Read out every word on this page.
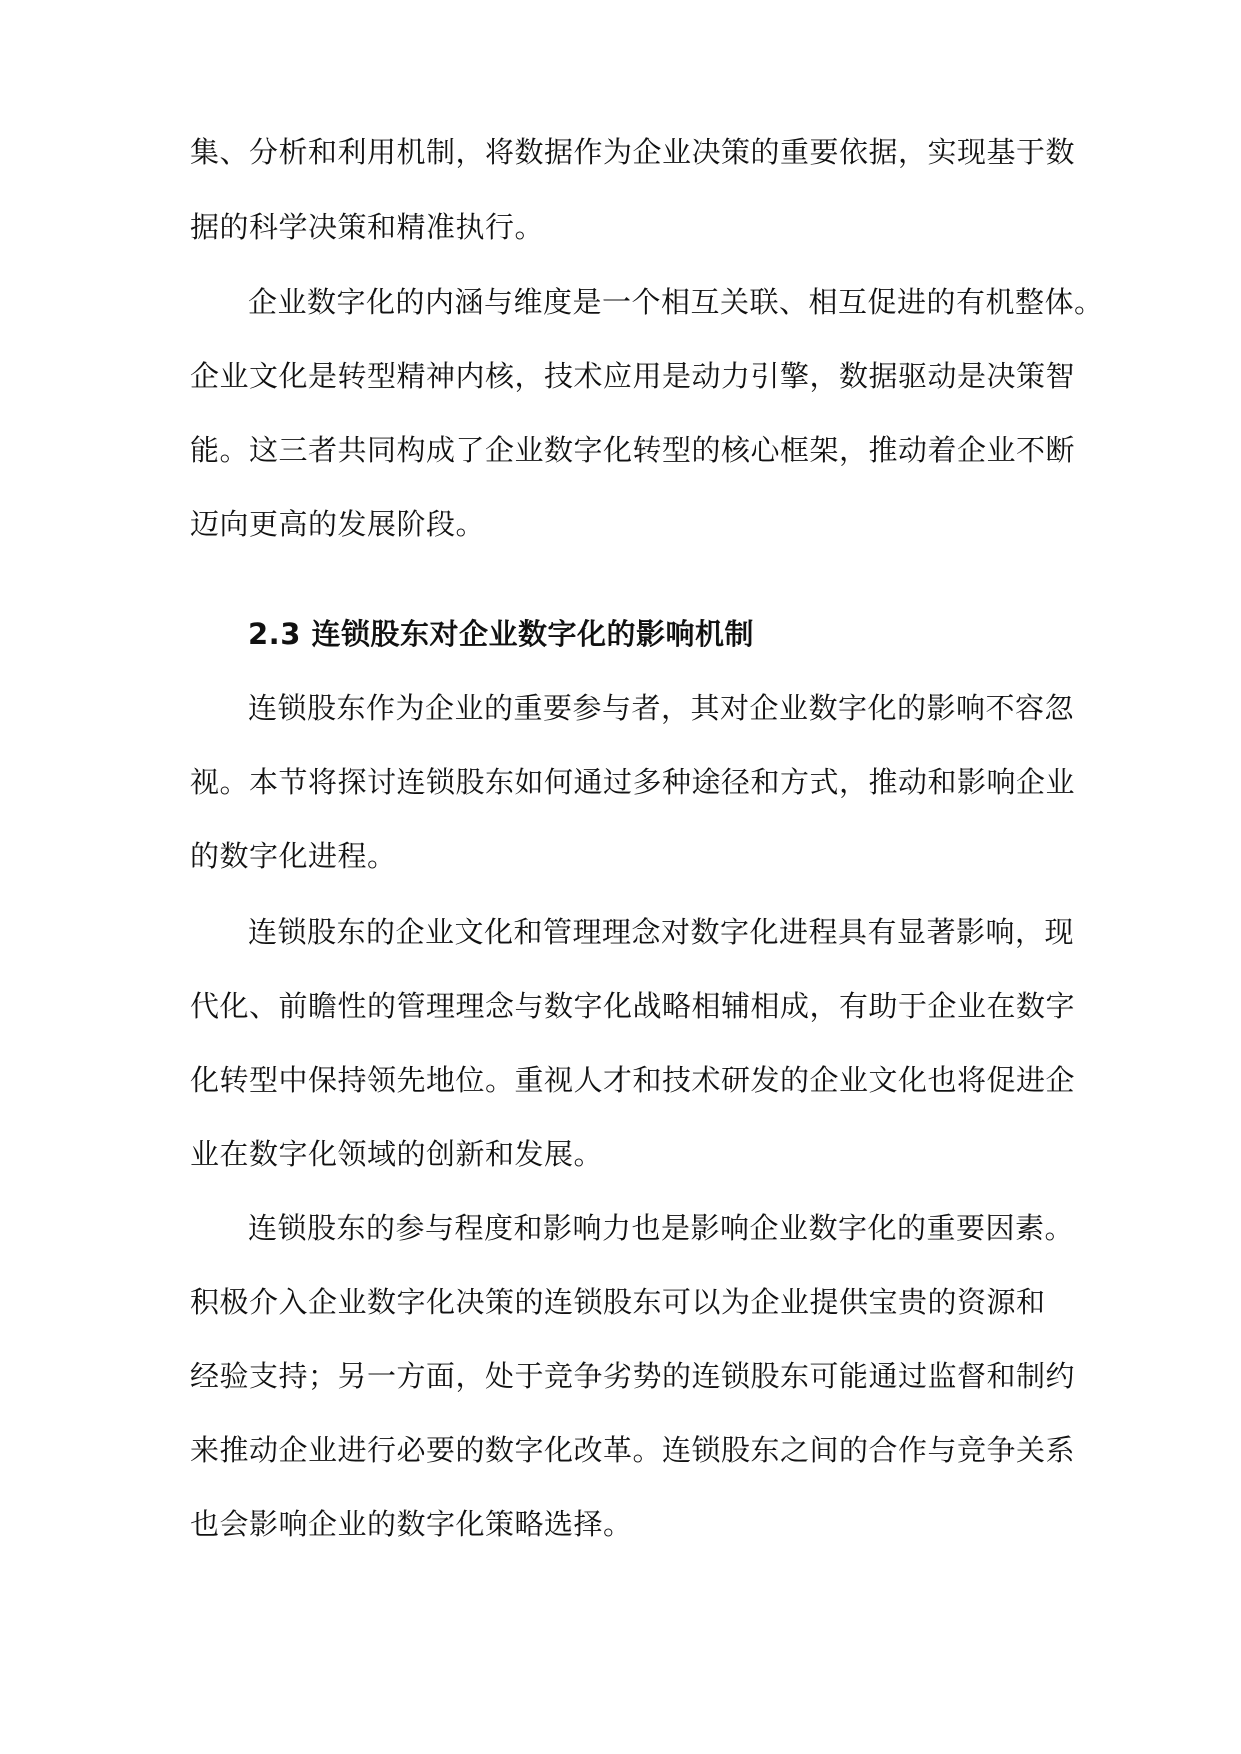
集、分析和利用机制，将数据作为企业决策的重要依据，实现基于数
据的科学决策和精准执行。
企业数字化的内涵与维度是一个相互关联、相互促进的有机整体。
企业文化是转型精神内核，技术应用是动力引擎，数据驱动是决策智
能。这三者共同构成了企业数字化转型的核心框架，推动着企业不断
迈向更高的发展阶段。
2.3 连锁股东对企业数字化的影响机制
连锁股东作为企业的重要参与者，其对企业数字化的影响不容忽
视。本节将探讨连锁股东如何通过多种途径和方式，推动和影响企业
的数字化进程。
连锁股东的企业文化和管理理念对数字化进程具有显著影响，现
代化、前瞻性的管理理念与数字化战略相辅相成，有助于企业在数字
化转型中保持领先地位。重视人才和技术研发的企业文化也将促进企
业在数字化领域的创新和发展。
连锁股东的参与程度和影响力也是影响企业数字化的重要因素。
积极介入企业数字化决策的连锁股东可以为企业提供宝贵的资源和
经验支持；另一方面，处于竞争劣势的连锁股东可能通过监督和制约
来推动企业进行必要的数字化改革。连锁股东之间的合作与竞争关系
也会影响企业的数字化策略选择。
